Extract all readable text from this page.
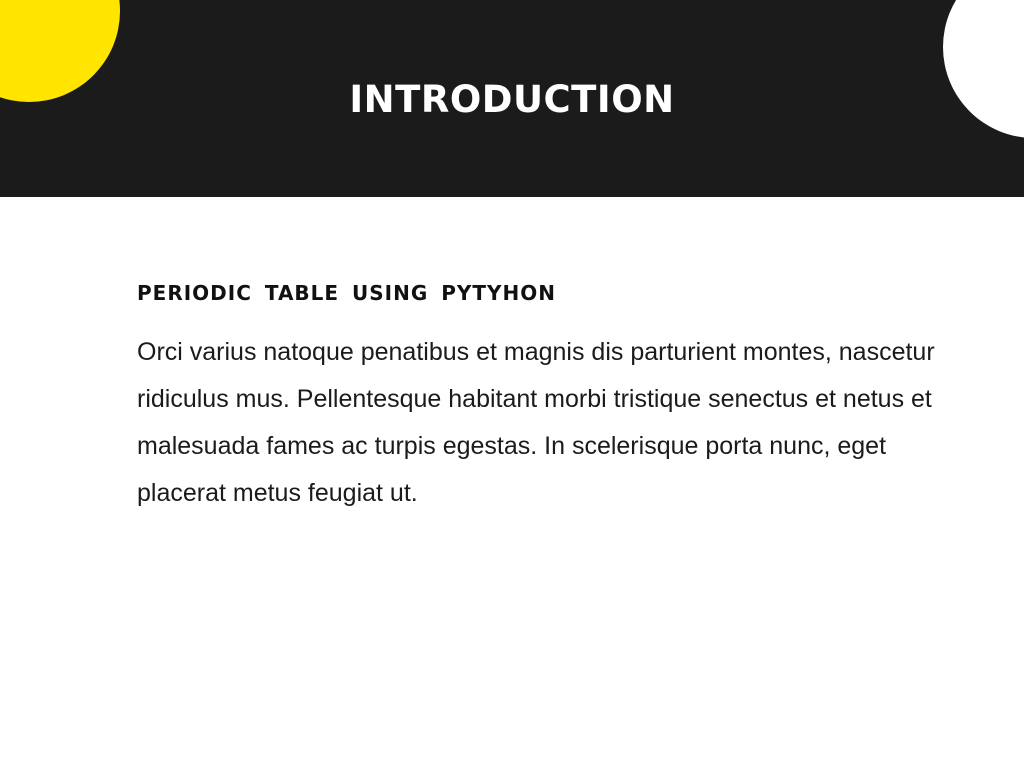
INTRODUCTION
PERIODIC TABLE USING PYTYHON

Orci varius natoque penatibus et magnis dis parturient montes, nascetur ridiculus mus. Pellentesque habitant morbi tristique senectus et netus et malesuada fames ac turpis egestas. In scelerisque porta nunc, eget placerat metus feugiat ut.
